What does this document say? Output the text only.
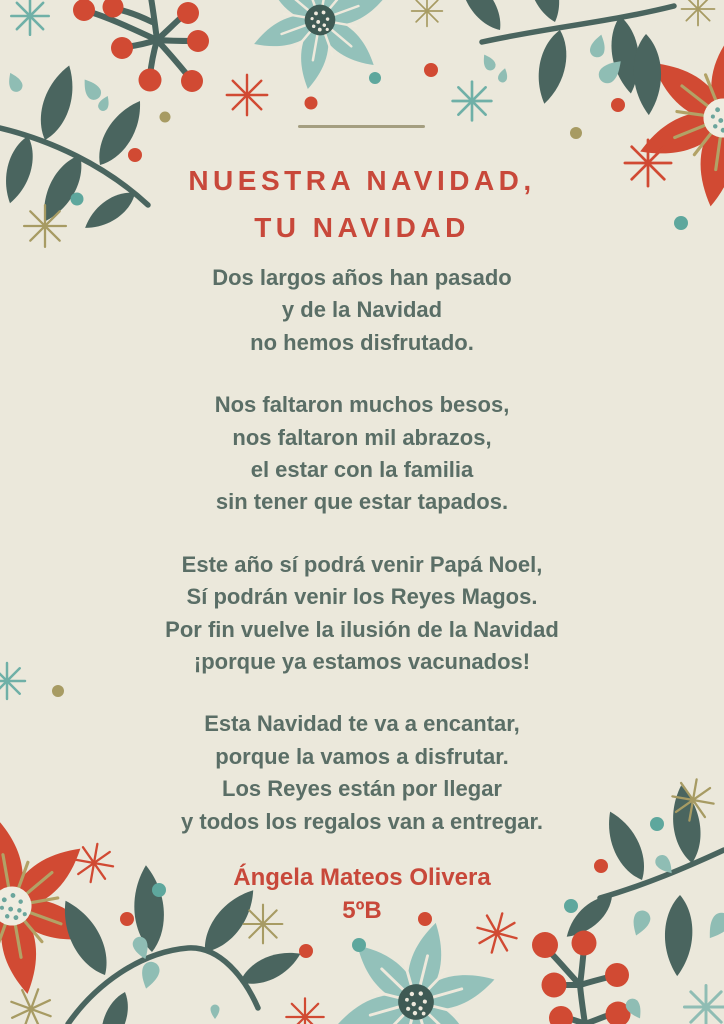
NUESTRA NAVIDAD,
TU NAVIDAD
Dos largos años han pasado
y de la Navidad
no hemos disfrutado.
Nos faltaron muchos besos,
nos faltaron mil abrazos,
el estar con la familia
sin tener que estar tapados.
Este año sí podrá venir Papá Noel,
Sí podrán venir los Reyes Magos.
Por fin vuelve la ilusión de la Navidad
¡porque ya estamos vacunados!
Esta Navidad te va a encantar,
porque la vamos a disfrutar.
Los Reyes están por llegar
y todos los regalos van a entregar.
Ángela Mateos Olivera
5ºB
